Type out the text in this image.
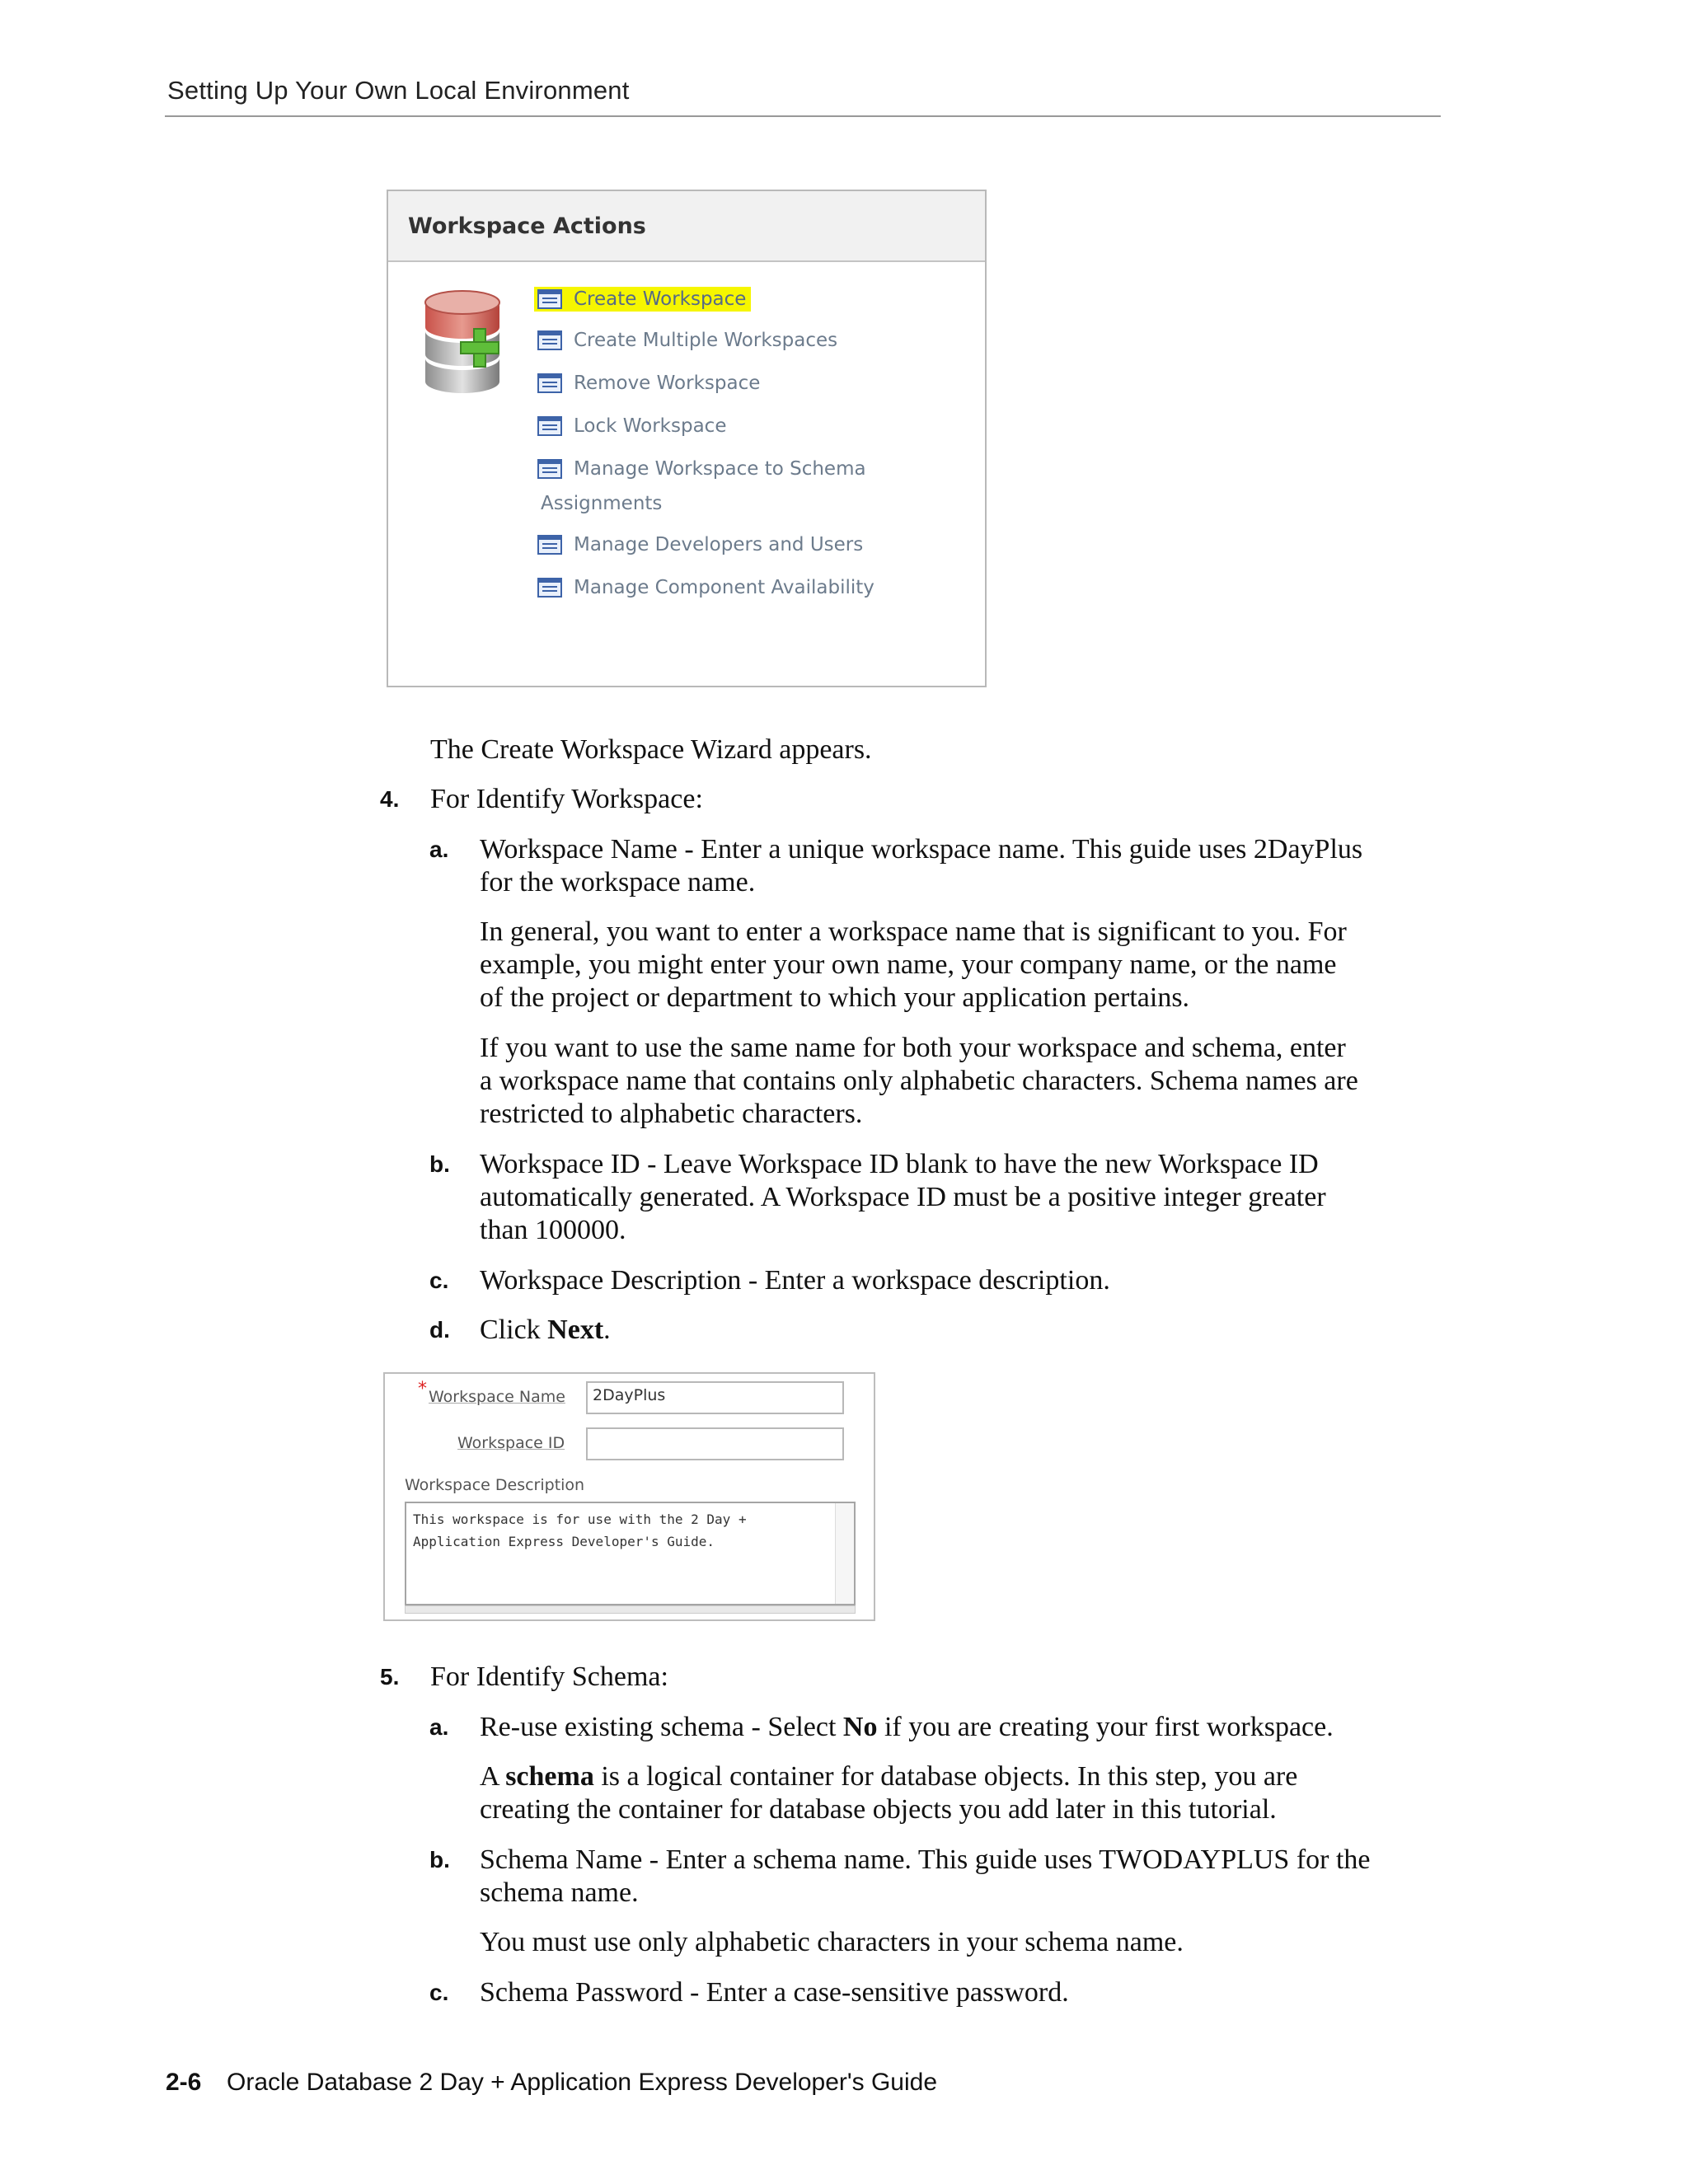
Setting Up Your Own Local Environment
Workspace Actions
Create Workspace
Create Multiple Workspaces
Remove Workspace
Lock Workspace
Manage Workspace to Schema
Assignments
Manage Developers and Users
Manage Component Availability
The Create Workspace Wizard appears.
4. For Identify Workspace:
a. Workspace Name - Enter a unique workspace name. This guide uses 2DayPlus
for the workspace name.
In general, you want to enter a workspace name that is significant to you. For
example, you might enter your own name, your company name, or the name
of the project or department to which your application pertains.
If you want to use the same name for both your workspace and schema, enter
a workspace name that contains only alphabetic characters. Schema names are
restricted to alphabetic characters.
b. Workspace ID - Leave Workspace ID blank to have the new Workspace ID
automatically generated. A Workspace ID must be a positive integer greater
than 100000.
c. Workspace Description - Enter a workspace description.
d. Click Next.
* Workspace Name	2DayPlus
Workspace ID
Workspace Description
This workspace is for use with the 2 Day +
Application Express Developer's Guide.
5. For Identify Schema:
a. Re-use existing schema - Select No if you are creating your first workspace.
A schema is a logical container for database objects. In this step, you are
creating the container for database objects you add later in this tutorial.
b. Schema Name - Enter a schema name. This guide uses TWODAYPLUS for the
schema name.
You must use only alphabetic characters in your schema name.
c. Schema Password - Enter a case-sensitive password.
2-6 Oracle Database 2 Day + Application Express Developer's Guide
